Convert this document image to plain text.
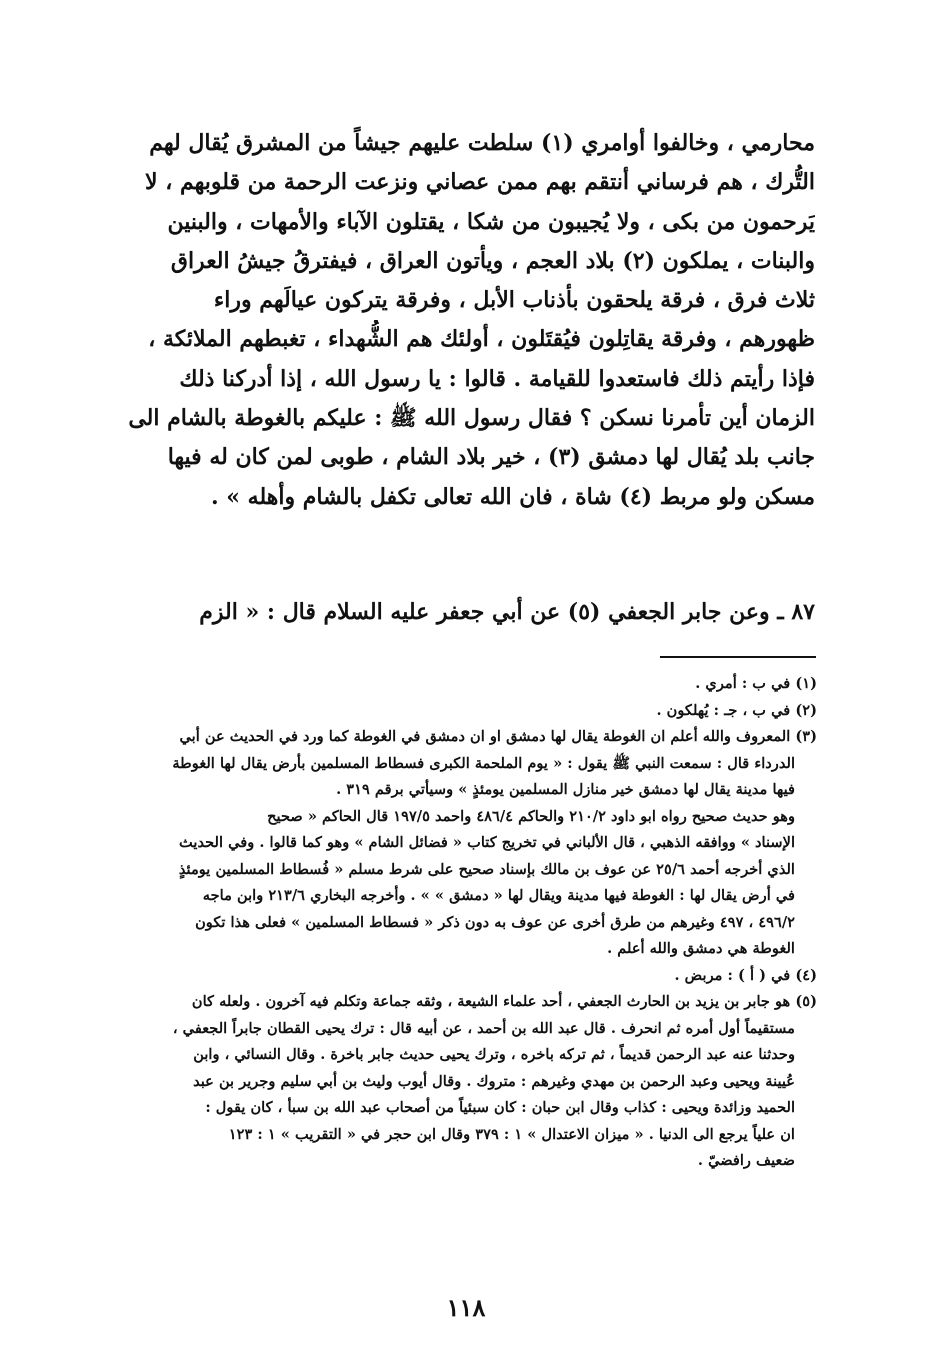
محارمي ، وخالفوا أوامري (١) سلطت عليهم جيشاً من المشرق يُقال لهم
التُّرك ، هم فرساني أنتقم بهم ممن عصاني ونزعت الرحمة من قلوبهم ، لا
يَرحمون من بكى ، ولا يُجيبون من شكا ، يقتلون الآباء والأمهات ، والبنين
والبنات ، يملكون (٢) بلاد العجم ، ويأتون العراق ، فيفترقُ جيشُ العراق
ثلاث فرق ، فرقة يلحقون بأذناب الأبل ، وفرقة يتركون عيالَهم وراء
ظهورهم ، وفرقة يقاتِلون فيُقتَلون ، أولئك هم الشُّهداء ، تغبطهم الملائكة ،
فإذا رأيتم ذلك فاستعدوا للقيامة . قالوا : يا رسول الله ، إذا أدركنا ذلك
الزمان أين تأمرنا نسكن ؟ فقال رسول الله ﷺ : عليكم بالغوطة بالشام الى
جانب بلد يُقال لها دمشق (٣) ، خير بلاد الشام ، طوبى لمن كان له فيها
مسكن ولو مربط (٤) شاة ، فان الله تعالى تكفل بالشام وأهله » .
٨٧ ـ وعن جابر الجعفي (٥) عن أبي جعفر عليه السلام قال : « الزم
(١) في ب : أمري .
(٢) في ب ، جـ : يُهلكون .
(٣) المعروف والله أعلم ان الغوطة يقال لها دمشق او ان دمشق في الغوطة كما ورد في الحديث عن أبي
الدرداء قال : سمعت النبي ﷺ يقول : « يوم الملحمة الكبرى فسطاط المسلمين بأرض يقال لها الغوطة
فيها مدينة يقال لها دمشق خير منازل المسلمين يومئذٍ » وسيأتي برقم ٣١٩ .
وهو حديث صحيح رواه ابو داود ٢١٠/٢ والحاكم ٤٨٦/٤ واحمد ١٩٧/٥ قال الحاكم « صحيح
الإسناد » ووافقه الذهبي ، قال الألباني في تخريج كتاب « فضائل الشام » وهو كما قالوا . وفي الحديث
الذي أخرجه أحمد ٢٥/٦ عن عوف بن مالك بإسناد صحيح على شرط مسلم « فُسطاط المسلمين يومئذٍ
في أرض يقال لها : الغوطة فيها مدينة ويقال لها « دمشق » » . وأخرجه البخاري ٢١٣/٦ وابن ماجه
٤٩٦/٢ ، ٤٩٧ وغيرهم من طرق أخرى عن عوف به دون ذكر « فسطاط المسلمين » فعلى هذا تكون
الغوطة هي دمشق والله أعلم .
(٤) في ( أ ) : مربض .
(٥) هو جابر بن يزيد بن الحارث الجعفي ، أحد علماء الشيعة ، وثقه جماعة وتكلم فيه آخرون . ولعله كان
مستقيماً أول أمره ثم انحرف . قال عبد الله بن أحمد ، عن أبيه قال : ترك يحيى القطان جابراً الجعفي ،
وحدثنا عنه عبد الرحمن قديماً ، ثم تركه باخره ، وترك يحيى حديث جابر باخرة . وقال النسائي ، وابن
عُيينة ويحيى وعبد الرحمن بن مهدي وغيرهم : متروك . وقال أيوب وليث بن أبي سليم وجرير بن عبد
الحميد وزائدة ويحيى : كذاب وقال ابن حبان : كان سبئياً من أصحاب عبد الله بن سبأ ، كان يقول :
ان علياً يرجع الى الدنيا . « ميزان الاعتدال » ١ : ٣٧٩ وقال ابن حجر في « التقريب » ١ : ١٢٣
ضعيف رافضيّ .
١١٨
